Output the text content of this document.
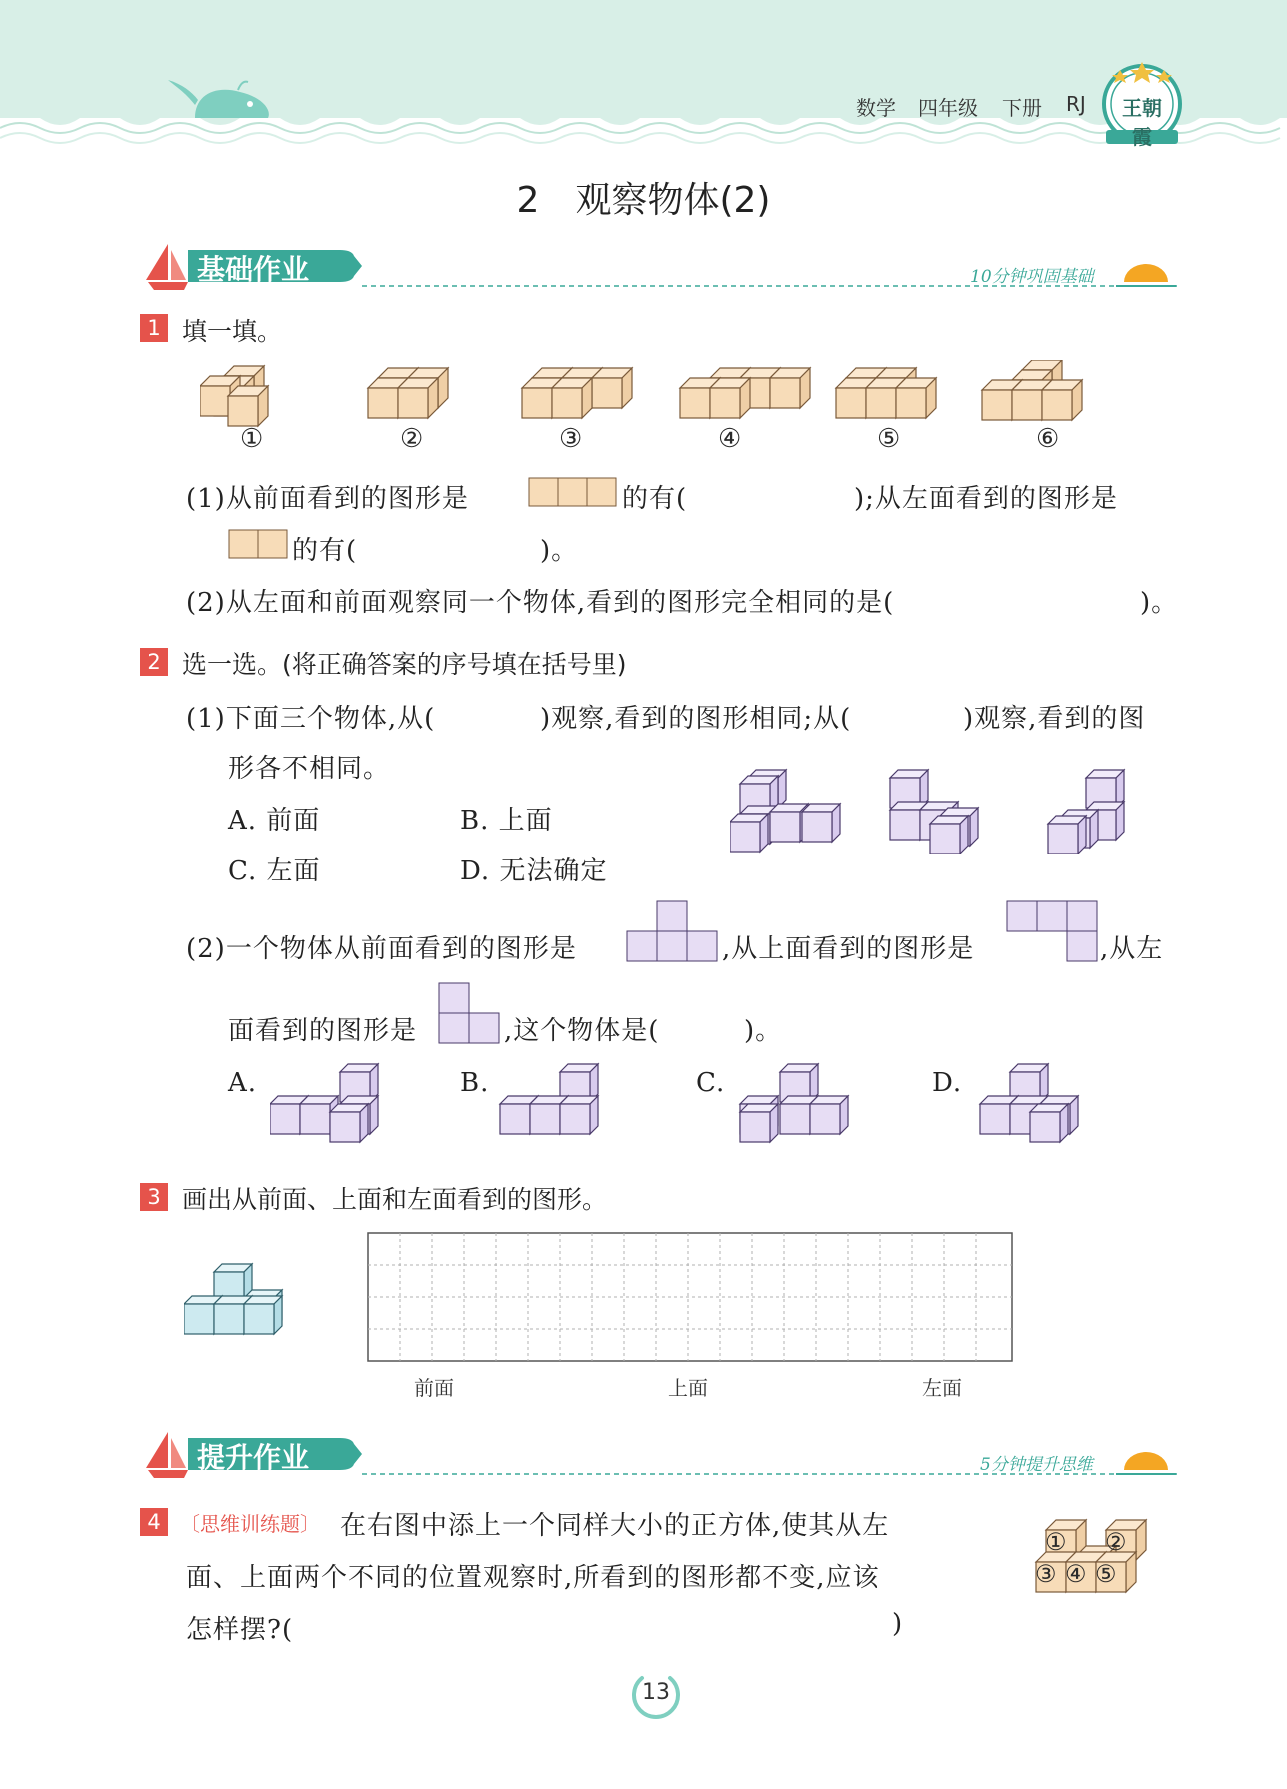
数学 四年级 下册 RJ	王朝霞
2　观察物体(2)
基础作业	10分钟巩固基础
1 填一填。
①	②	③	④	⑤	⑥
(1)从前面看到的图形是	的有(	);从左面看到的图形是
的有(	)。
(2)从左面和前面观察同一个物体,看到的图形完全相同的是(	)。
2 选一选。(将正确答案的序号填在括号里)
(1)下面三个物体,从(	)观察,看到的图形相同;从(	)观察,看到的图
形各不相同。
A. 前面	B. 上面
C. 左面	D. 无法确定
(2)一个物体从前面看到的图形是	,从上面看到的图形是	,从左
面看到的图形是	,这个物体是(	)。
A.	B.	C.	D.
3 画出从前面、上面和左面看到的图形。
前面	上面	左面
提升作业	5分钟提升思维
4 〔思维训练题〕 在右图中添上一个同样大小的正方体,使其从左
面、上面两个不同的位置观察时,所看到的图形都不变,应该
怎样摆?(	)
① ②
③ ④ ⑤
13
